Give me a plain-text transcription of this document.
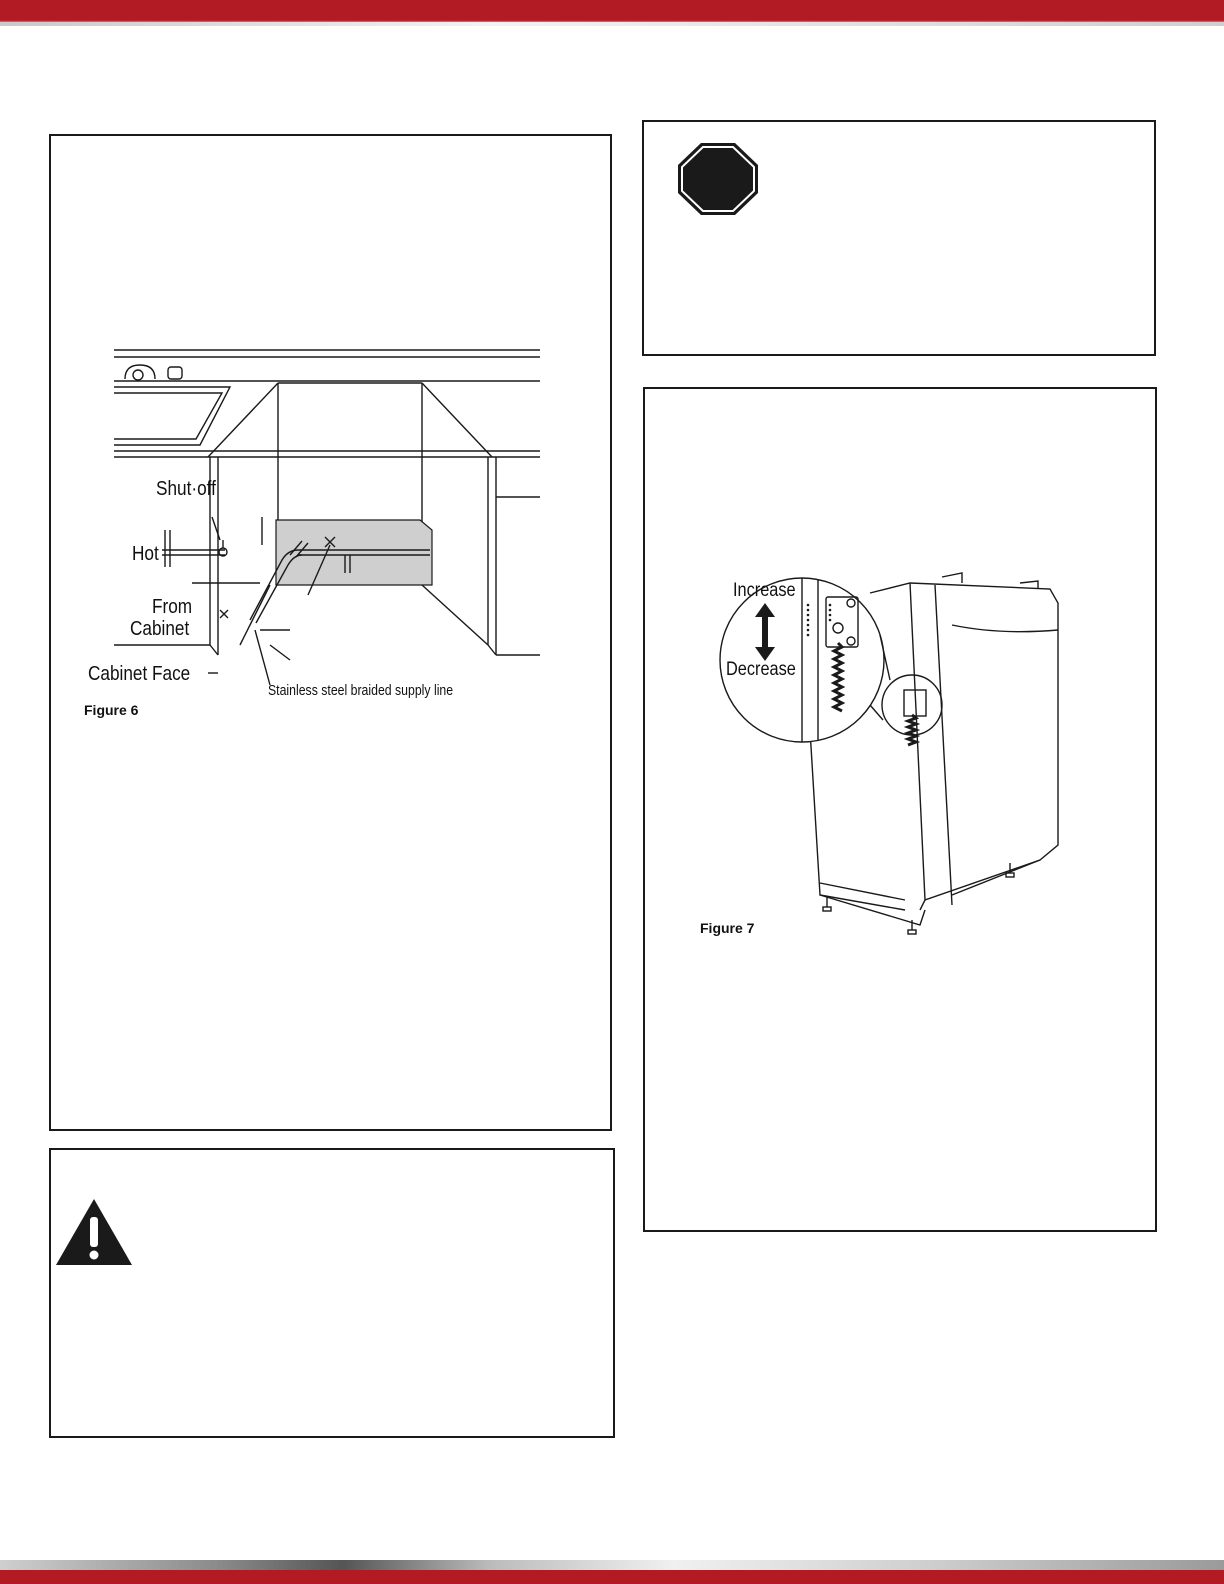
Shut·off
Hot
From
Cabinet
Cabinet Face
Stainless steel braided supply line
Figure 6
Increase
Decrease
Figure 7
